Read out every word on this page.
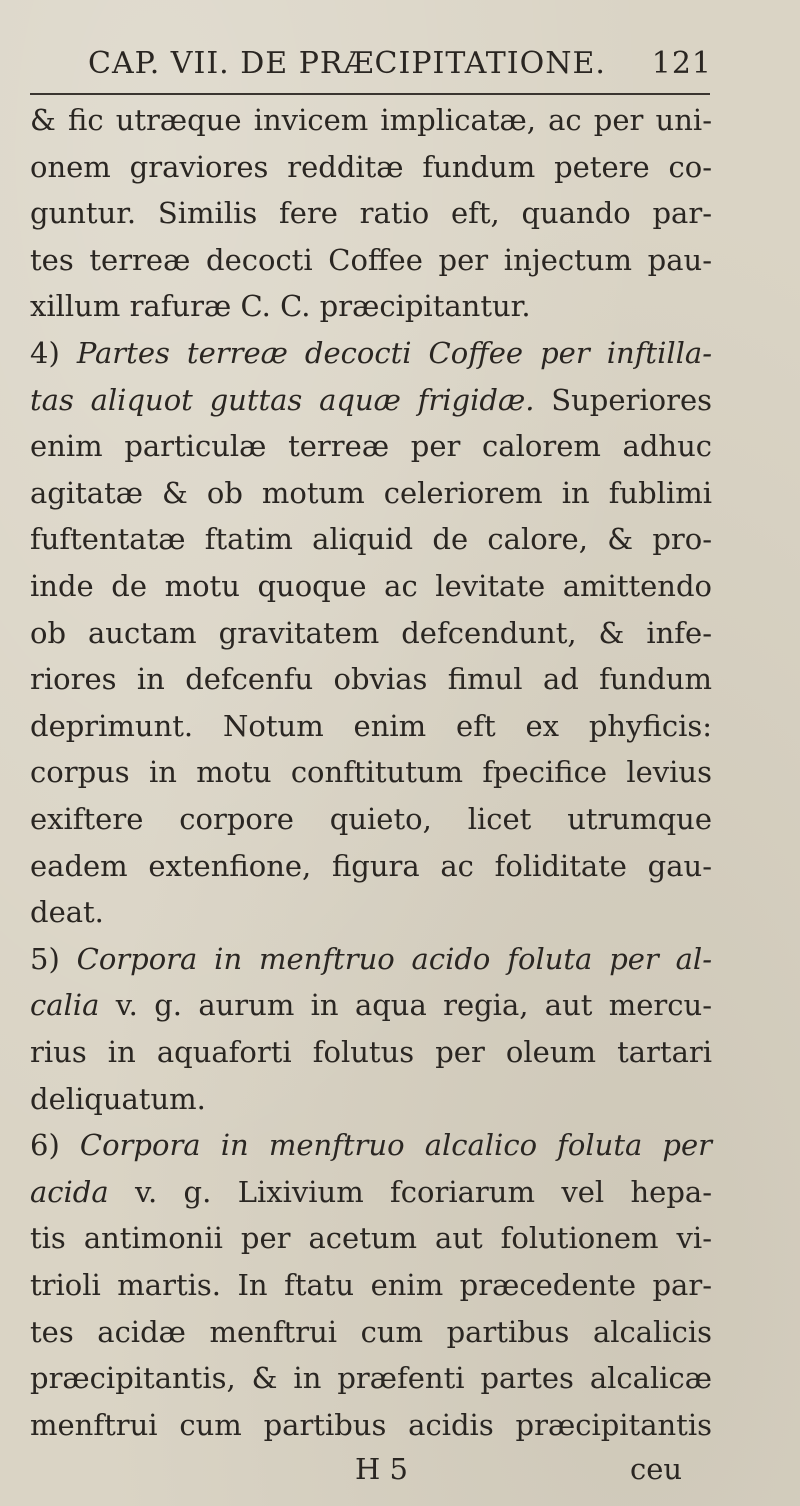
CAP. VII. DE PRÆCIPITATIONE. 121
& fic utræque invicem implicatæ, ac per uni-
onem graviores redditæ fundum petere co-
guntur. Similis fere ratio eft, quando par-
tes terreæ decocti Coffee per injectum pau-
xillum rafuræ C. C. præcipitantur.
4) Partes terreæ decocti Coffee per inftilla-
tas aliquot guttas aquæ frigidæ. Superiores
enim particulæ terreæ per calorem adhuc
agitatæ & ob motum celeriorem in fublimi
fuftentatæ ftatim aliquid de calore, & pro-
inde de motu quoque ac levitate amittendo
ob auctam gravitatem defcendunt, & infe-
riores in defcenfu obvias fimul ad fundum
deprimunt. Notum enim eft ex phyficis:
corpus in motu conftitutum fpecifice levius
exiftere corpore quieto, licet utrumque
eadem extenfione, figura ac foliditate gau-
deat.
5) Corpora in menftruo acido foluta per al-
calia v. g. aurum in aqua regia, aut mercu-
rius in aquaforti folutus per oleum tartari
deliquatum.
6) Corpora in menftruo alcalico foluta per
acida v. g. Lixivium fcoriarum vel hepa-
tis antimonii per acetum aut folutionem vi-
trioli martis. In ftatu enim præcedente par-
tes acidæ menftrui cum partibus alcalicis
præcipitantis, & in præfenti partes alcalicæ
menftrui cum partibus acidis præcipitantis
H 5	ceu
